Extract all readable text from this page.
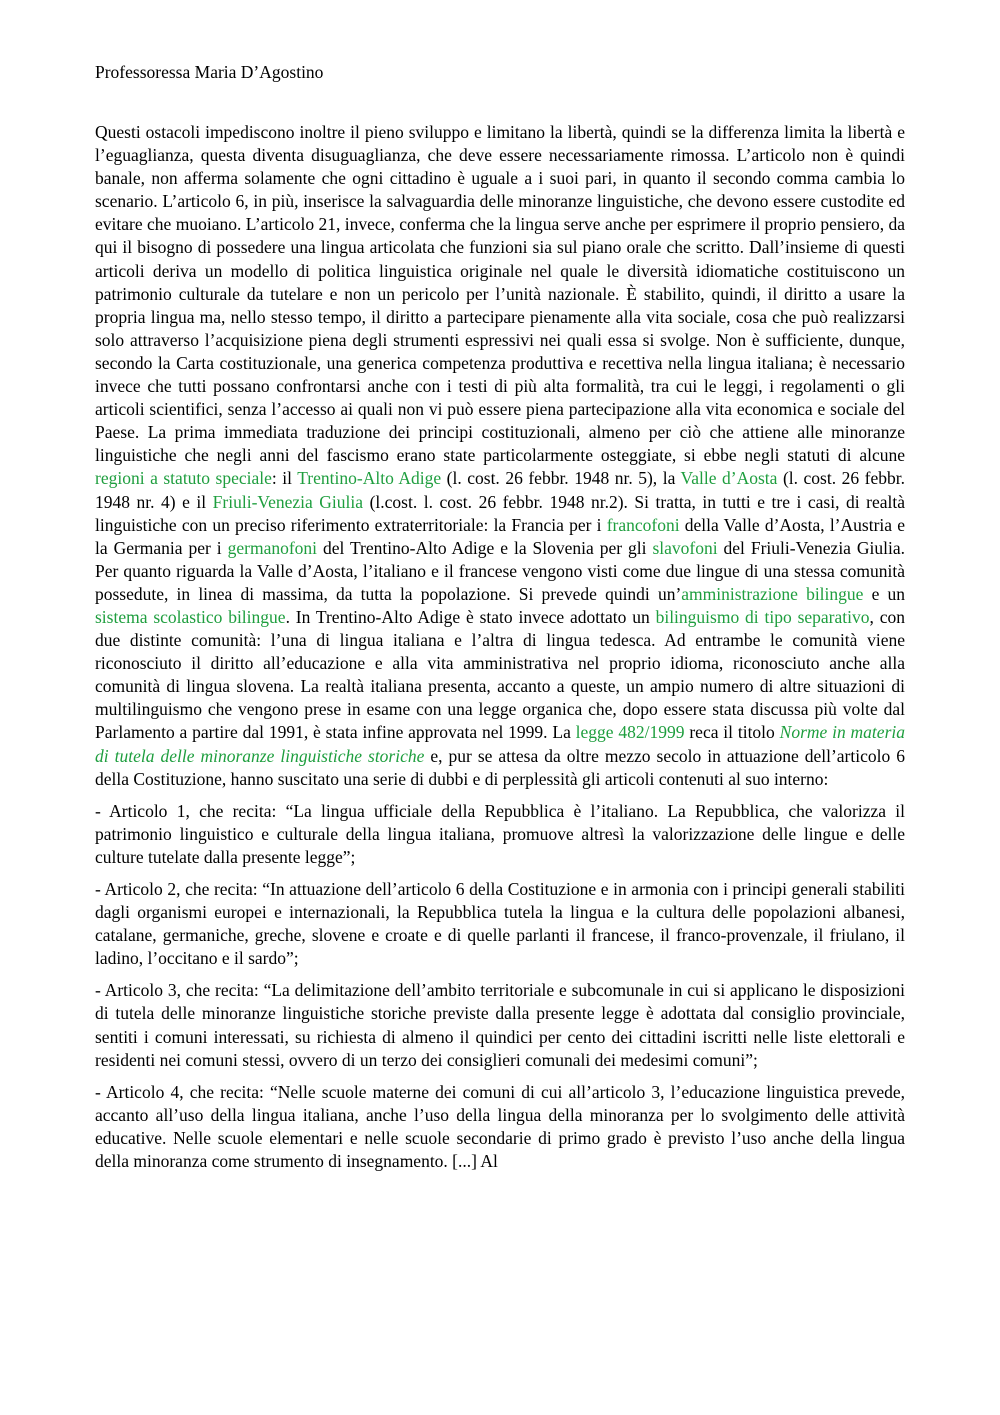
Professoressa Maria D’Agostino

Questi ostacoli impediscono inoltre il pieno sviluppo e limitano la libertà, quindi se la differenza limita la libertà e l’eguaglianza, questa diventa disuguaglianza, che deve essere necessariamente rimossa. L’articolo non è quindi banale, non afferma solamente che ogni cittadino è uguale a i suoi pari, in quanto il secondo comma cambia lo scenario. L’articolo 6, in più, inserisce la salvaguardia delle minoranze linguistiche, che devono essere custodite ed evitare che muoiano. L’articolo 21, invece, conferma che la lingua serve anche per esprimere il proprio pensiero, da qui il bisogno di possedere una lingua articolata che funzioni sia sul piano orale che scritto. Dall’insieme di questi articoli deriva un modello di politica linguistica originale nel quale le diversità idiomatiche costituiscono un patrimonio culturale da tutelare e non un pericolo per l’unità nazionale. È stabilito, quindi, il diritto a usare la propria lingua ma, nello stesso tempo, il diritto a partecipare pienamente alla vita sociale, cosa che può realizzarsi solo attraverso l’acquisizione piena degli strumenti espressivi nei quali essa si svolge. Non è sufficiente, dunque, secondo la Carta costituzionale, una generica competenza produttiva e recettiva nella lingua italiana; è necessario invece che tutti possano confrontarsi anche con i testi di più alta formalità, tra cui le leggi, i regolamenti o gli articoli scientifici, senza l’accesso ai quali non vi può essere piena partecipazione alla vita economica e sociale del Paese. La prima immediata traduzione dei principi costituzionali, almeno per ciò che attiene alle minoranze linguistiche che negli anni del fascismo erano state particolarmente osteggiate, si ebbe negli statuti di alcune regioni a statuto speciale: il Trentino-Alto Adige (l. cost. 26 febbr. 1948 nr. 5), la Valle d’Aosta (l. cost. 26 febbr. 1948 nr. 4) e il Friuli-Venezia Giulia (l.cost. l. cost. 26 febbr. 1948 nr.2). Si tratta, in tutti e tre i casi, di realtà linguistiche con un preciso riferimento extraterritoriale: la Francia per i francofoni della Valle d’Aosta, l’Austria e la Germania per i germanofoni del Trentino-Alto Adige e la Slovenia per gli slavofoni del Friuli-Venezia Giulia. Per quanto riguarda la Valle d’Aosta, l’italiano e il francese vengono visti come due lingue di una stessa comunità possedute, in linea di massima, da tutta la popolazione. Si prevede quindi un’amministrazione bilingue e un sistema scolastico bilingue. In Trentino-Alto Adige è stato invece adottato un bilinguismo di tipo separativo, con due distinte comunità: l’una di lingua italiana e l’altra di lingua tedesca. Ad entrambe le comunità viene riconosciuto il diritto all’educazione e alla vita amministrativa nel proprio idioma, riconosciuto anche alla comunità di lingua slovena. La realtà italiana presenta, accanto a queste, un ampio numero di altre situazioni di multilinguismo che vengono prese in esame con una legge organica che, dopo essere stata discussa più volte dal Parlamento a partire dal 1991, è stata infine approvata nel 1999. La legge 482/1999 reca il titolo Norme in materia di tutela delle minoranze linguistiche storiche e, pur se attesa da oltre mezzo secolo in attuazione dell’articolo 6 della Costituzione, hanno suscitato una serie di dubbi e di perplessità gli articoli contenuti al suo interno:

- Articolo 1, che recita: “La lingua ufficiale della Repubblica è l’italiano. La Repubblica, che valorizza il patrimonio linguistico e culturale della lingua italiana, promuove altresì la valorizzazione delle lingue e delle culture tutelate dalla presente legge”;

- Articolo 2, che recita: “In attuazione dell’articolo 6 della Costituzione e in armonia con i principi generali stabiliti dagli organismi europei e internazionali, la Repubblica tutela la lingua e la cultura delle popolazioni albanesi, catalane, germaniche, greche, slovene e croate e di quelle parlanti il francese, il franco-provenzale, il friulano, il ladino, l’occitano e il sardo”;

- Articolo 3, che recita: “La delimitazione dell’ambito territoriale e subcomunale in cui si applicano le disposizioni di tutela delle minoranze linguistiche storiche previste dalla presente legge è adottata dal consiglio provinciale, sentiti i comuni interessati, su richiesta di almeno il quindici per cento dei cittadini iscritti nelle liste elettorali e residenti nei comuni stessi, ovvero di un terzo dei consiglieri comunali dei medesimi comuni”;

- Articolo 4, che recita: “Nelle scuole materne dei comuni di cui all’articolo 3, l’educazione linguistica prevede, accanto all’uso della lingua italiana, anche l’uso della lingua della minoranza per lo svolgimento delle attività educative. Nelle scuole elementari e nelle scuole secondarie di primo grado è previsto l’uso anche della lingua della minoranza come strumento di insegnamento. [...] Al
